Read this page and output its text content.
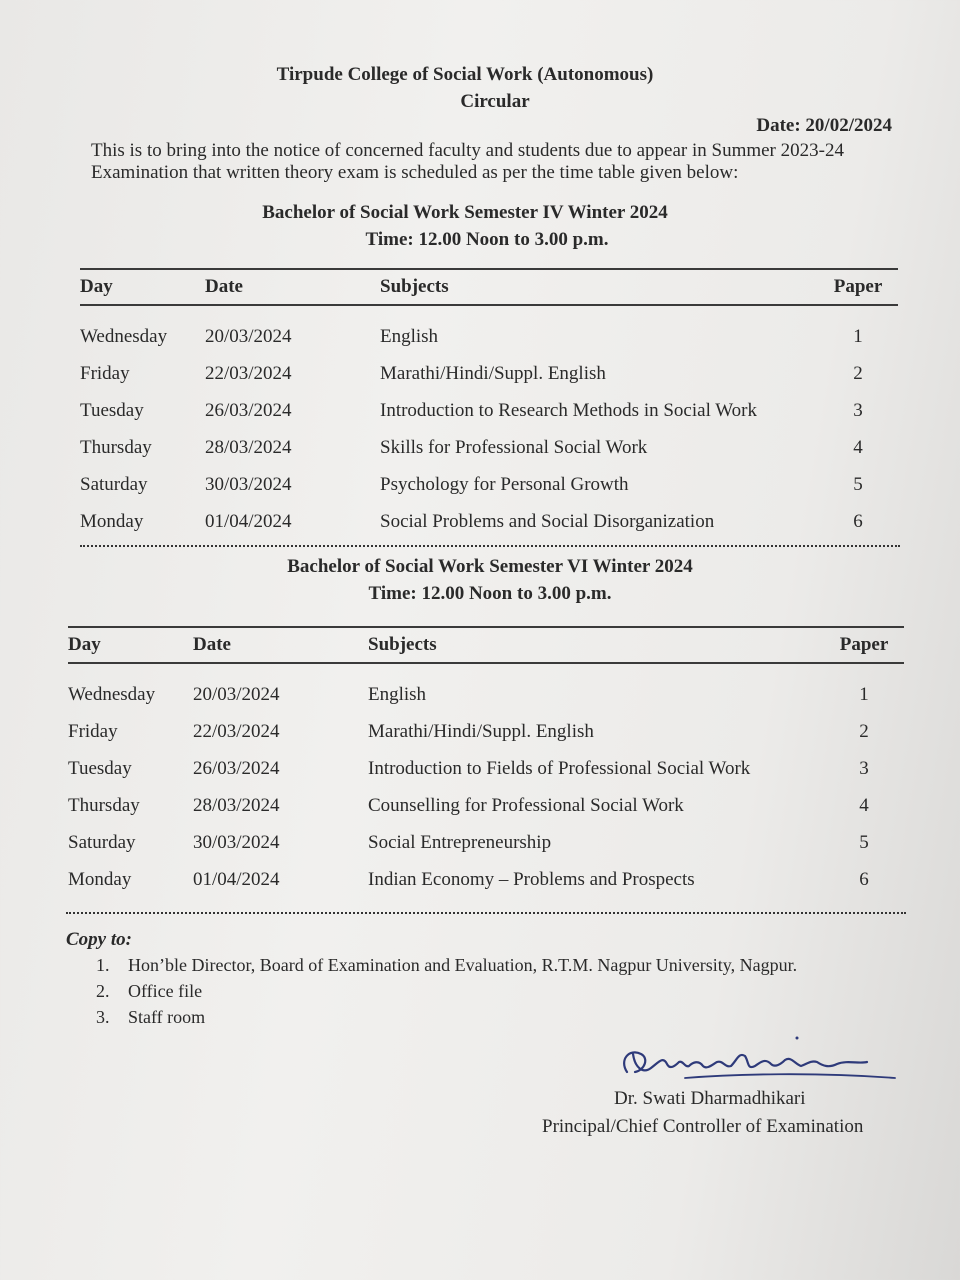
Tirpude College of Social Work (Autonomous)
Circular
Date: 20/02/2024
This is to bring into the notice of concerned faculty and students due to appear in Summer 2023-24 Examination that written theory exam is scheduled as per the time table given below:
Bachelor of Social Work Semester IV Winter 2024
Time: 12.00 Noon to 3.00 p.m.
Day	Date	Subjects	Paper
Wednesday	20/03/2024	English	1
Friday	22/03/2024	Marathi/Hindi/Suppl. English	2
Tuesday	26/03/2024	Introduction to Research Methods in Social Work	3
Thursday	28/03/2024	Skills for Professional Social Work	4
Saturday	30/03/2024	Psychology for Personal Growth	5
Monday	01/04/2024	Social Problems and Social Disorganization	6
Bachelor of Social Work Semester VI Winter 2024
Time: 12.00 Noon to 3.00 p.m.
Day	Date	Subjects	Paper
Wednesday	20/03/2024	English	1
Friday	22/03/2024	Marathi/Hindi/Suppl. English	2
Tuesday	26/03/2024	Introduction to Fields of Professional Social Work	3
Thursday	28/03/2024	Counselling for Professional Social Work	4
Saturday	30/03/2024	Social Entrepreneurship	5
Monday	01/04/2024	Indian Economy – Problems and Prospects	6
Copy to:
1. Hon’ble Director, Board of Examination and Evaluation, R.T.M. Nagpur University, Nagpur.
2. Office file
3. Staff room
Dr. Swati Dharmadhikari
Principal/Chief Controller of Examination
